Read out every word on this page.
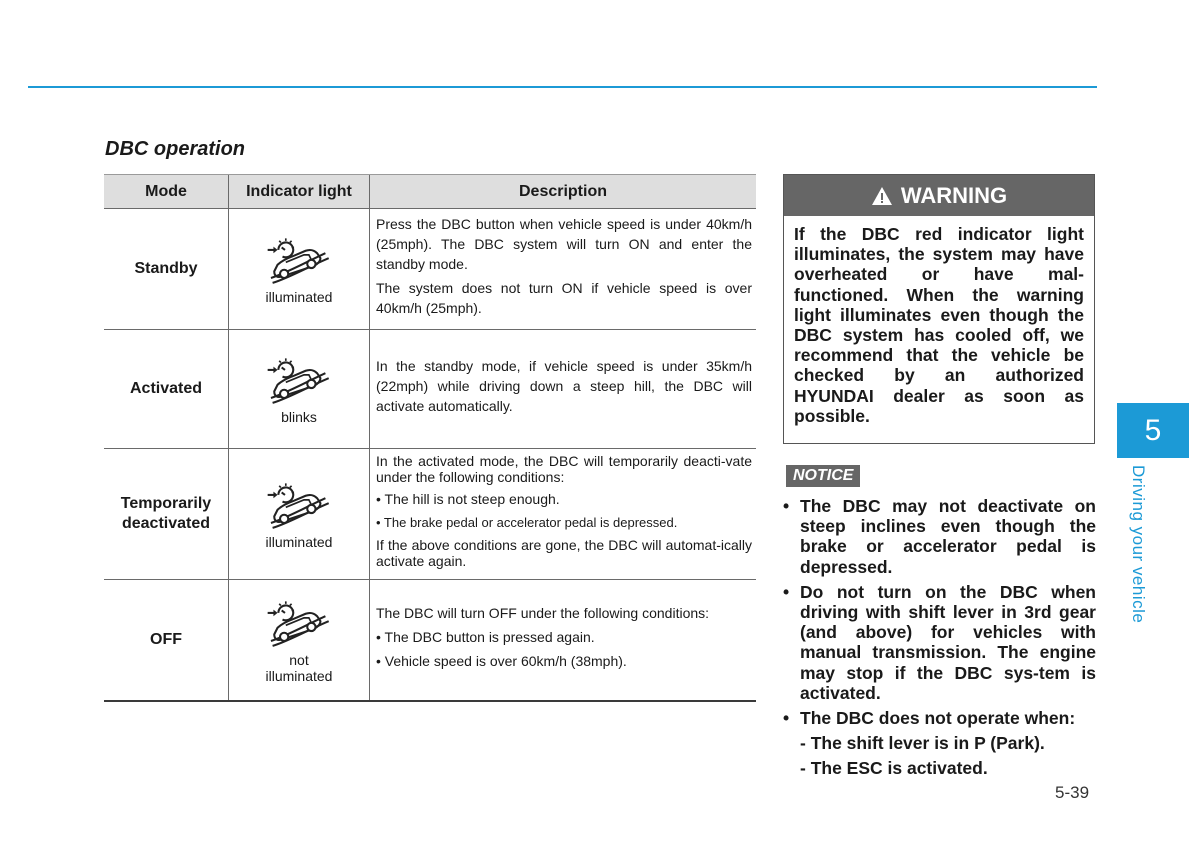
DBC operation
Mode	Indicator light	Description
Standby	illuminated	Press the DBC button when vehicle speed is under 40km/h (25mph). The DBC system will turn ON and enter the standby mode.

The system does not turn ON if vehicle speed is over 40km/h (25mph).

Activated	blinks	In the standby mode, if vehicle speed is under 35km/h (22mph) while driving down a steep hill, the DBC will activate automatically.

Temporarily deactivated	illuminated	In the activated mode, the DBC will temporarily deacti-vate under the following conditions:

• The hill is not steep enough.

• The brake pedal or accelerator pedal is depressed.

If the above conditions are gone, the DBC will automat-ically activate again.

OFF	not illuminated	The DBC will turn OFF under the following conditions:

• The DBC button is pressed again.

• Vehicle speed is over 60km/h (38mph).

WARNING
If the DBC red indicator light illuminates, the system may have overheated or have mal-functioned. When the warning light illuminates even though the DBC system has cooled off, we recommend that the vehicle be checked by an authorized HYUNDAI dealer as soon as possible.
NOTICE
• The DBC may not deactivate on steep inclines even though the brake or accelerator pedal is depressed.
• Do not turn on the DBC when driving with shift lever in 3rd gear (and above) for vehicles with manual transmission. The engine may stop if the DBC sys-tem is activated.
• The DBC does not operate when:
- The shift lever is in P (Park).
- The ESC is activated.
5-39
5
Driving your vehicle
